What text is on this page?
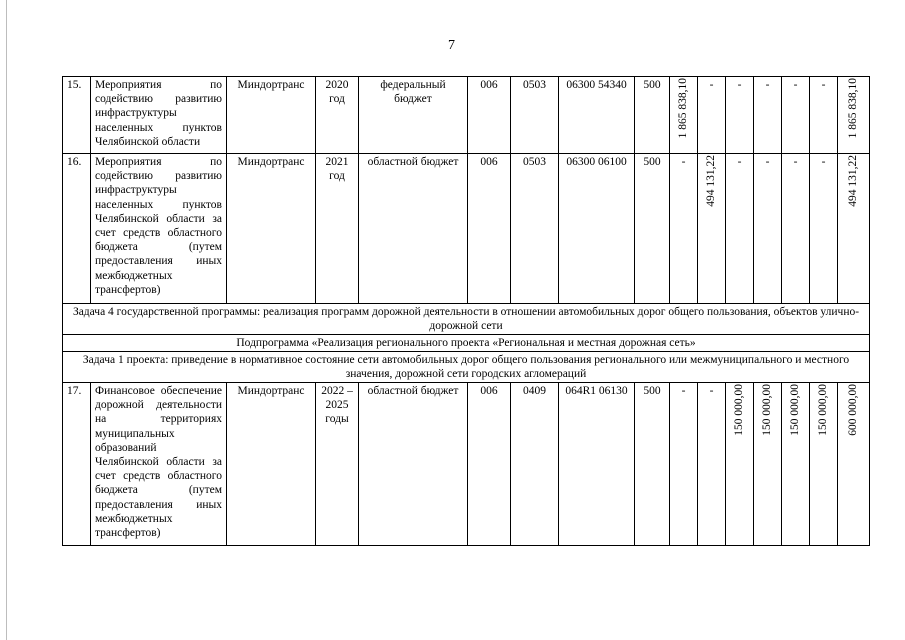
7
15.	Мероприятия по содействию развитию инфраструктуры населенных пунктов Челябинской области	Миндортранс	2020 год	федеральный бюджет	006	0503	06300 54340	500	1 865 838,10	-	-	-	-	-	1 865 838,10
16.	Мероприятия по содействию развитию инфраструктуры населенных пунктов Челябинской области за счет средств областного бюджета (путем предоставления иных межбюджетных трансфертов)	Миндортранс	2021 год	областной бюджет	006	0503	06300 06100	500	-	494 131,22	-	-	-	-	494 131,22
Задача 4 государственной программы: реализация программ дорожной деятельности в отношении автомобильных дорог общего пользования, объектов улично-дорожной сети															
Подпрограмма «Реализация регионального проекта «Региональная и местная дорожная сеть»															
Задача 1 проекта: приведение в нормативное состояние сети автомобильных дорог общего пользования регионального или межмуниципального и местного значения, дорожной сети городских агломераций															
17.	Финансовое обеспечение дорожной деятельности на территориях муниципальных образований Челябинской области за счет средств областного бюджета (путем предоставления иных межбюджетных трансфертов)	Миндортранс	2022 – 2025 годы	областной бюджет	006	0409	064R1 06130	500	-	-	150 000,00	150 000,00	150 000,00	150 000,00	600 000,00
